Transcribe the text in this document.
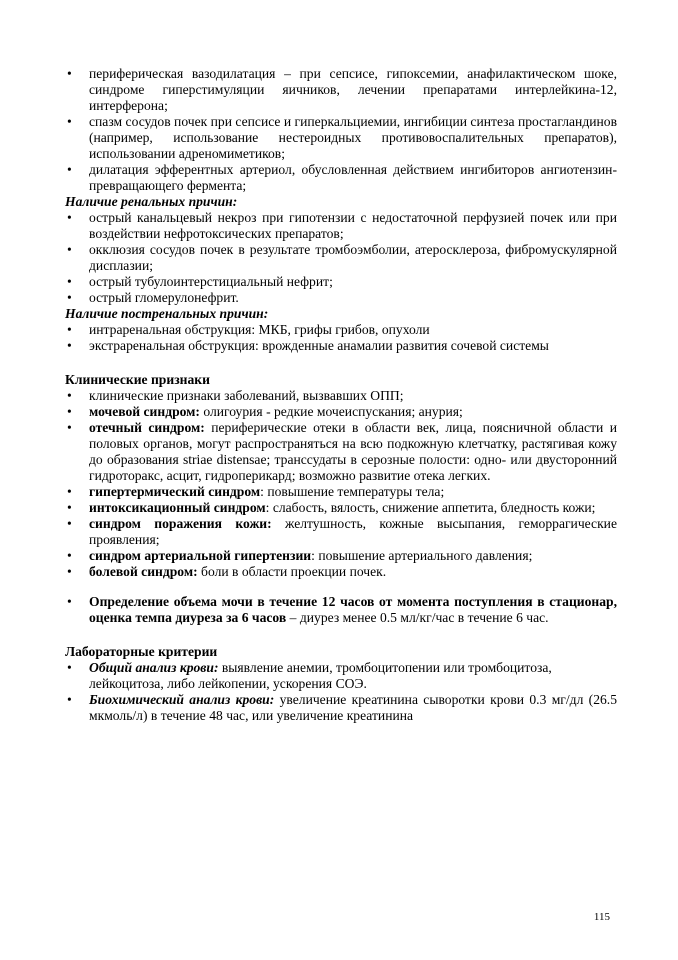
• периферическая вазодилатация – при сепсисе, гипоксемии, анафилактическом шоке, синдроме гиперстимуляции яичников, лечении препаратами интерлейкина-12, интерферона;
• спазм сосудов почек при сепсисе и гиперкальциемии, ингибиции синтеза простагландинов (например, использование нестероидных противовоспалительных препаратов), использовании адреномиметиков;
• дилатация эфферентных артериол, обусловленная действием ингибиторов ангиотензин-превращающего фермента;
Наличие ренальных причин:
• острый канальцевый некроз при гипотензии с недостаточной перфузией почек или при воздействии нефротоксических препаратов;
• окклюзия сосудов почек в результате тромбоэмболии, атеросклероза, фибромускулярной дисплазии;
• острый тубулоинтерстициальный нефрит;
• острый гломерулонефрит.
Наличие постренальных причин:
• интраренальная обструкция: МКБ, грифы грибов, опухоли
• экстраренальная обструкция: врожденные анамалии развития сочевой системы
Клинические признаки
• клинические признаки заболеваний, вызвавших ОПП;
• мочевой синдром: олигоурия - редкие мочеиспускания; анурия;
• отечный синдром: периферические отеки в области век, лица, поясничной области и половых органов, могут распространяться на всю подкожную клетчатку, растягивая кожу до образования striae distensae; транссудаты в серозные полости: одно- или двусторонний гидроторакс, асцит, гидроперикард; возможно развитие отека легких.
• гипертермический синдром: повышение температуры тела;
• интоксикационный синдром: слабость, вялость, снижение аппетита, бледность кожи;
• синдром поражения кожи: желтушность, кожные высыпания, геморрагические проявления;
• синдром артериальной гипертензии: повышение артериального давления;
• болевой синдром: боли в области проекции почек.
• Определение объема мочи в течение 12 часов от момента поступления в стационар, оценка темпа диуреза за 6 часов – диурез менее 0.5 мл/кг/час в течение 6 час.
Лабораторные критерии
• Общий анализ крови: выявление анемии, тромбоцитопении или тромбоцитоза, лейкоцитоза, либо лейкопении, ускорения СОЭ.
• Биохимический анализ крови: увеличение креатинина сыворотки крови 0.3 мг/дл (26.5 мкмоль/л) в течение 48 час, или увеличение креатинина
115
